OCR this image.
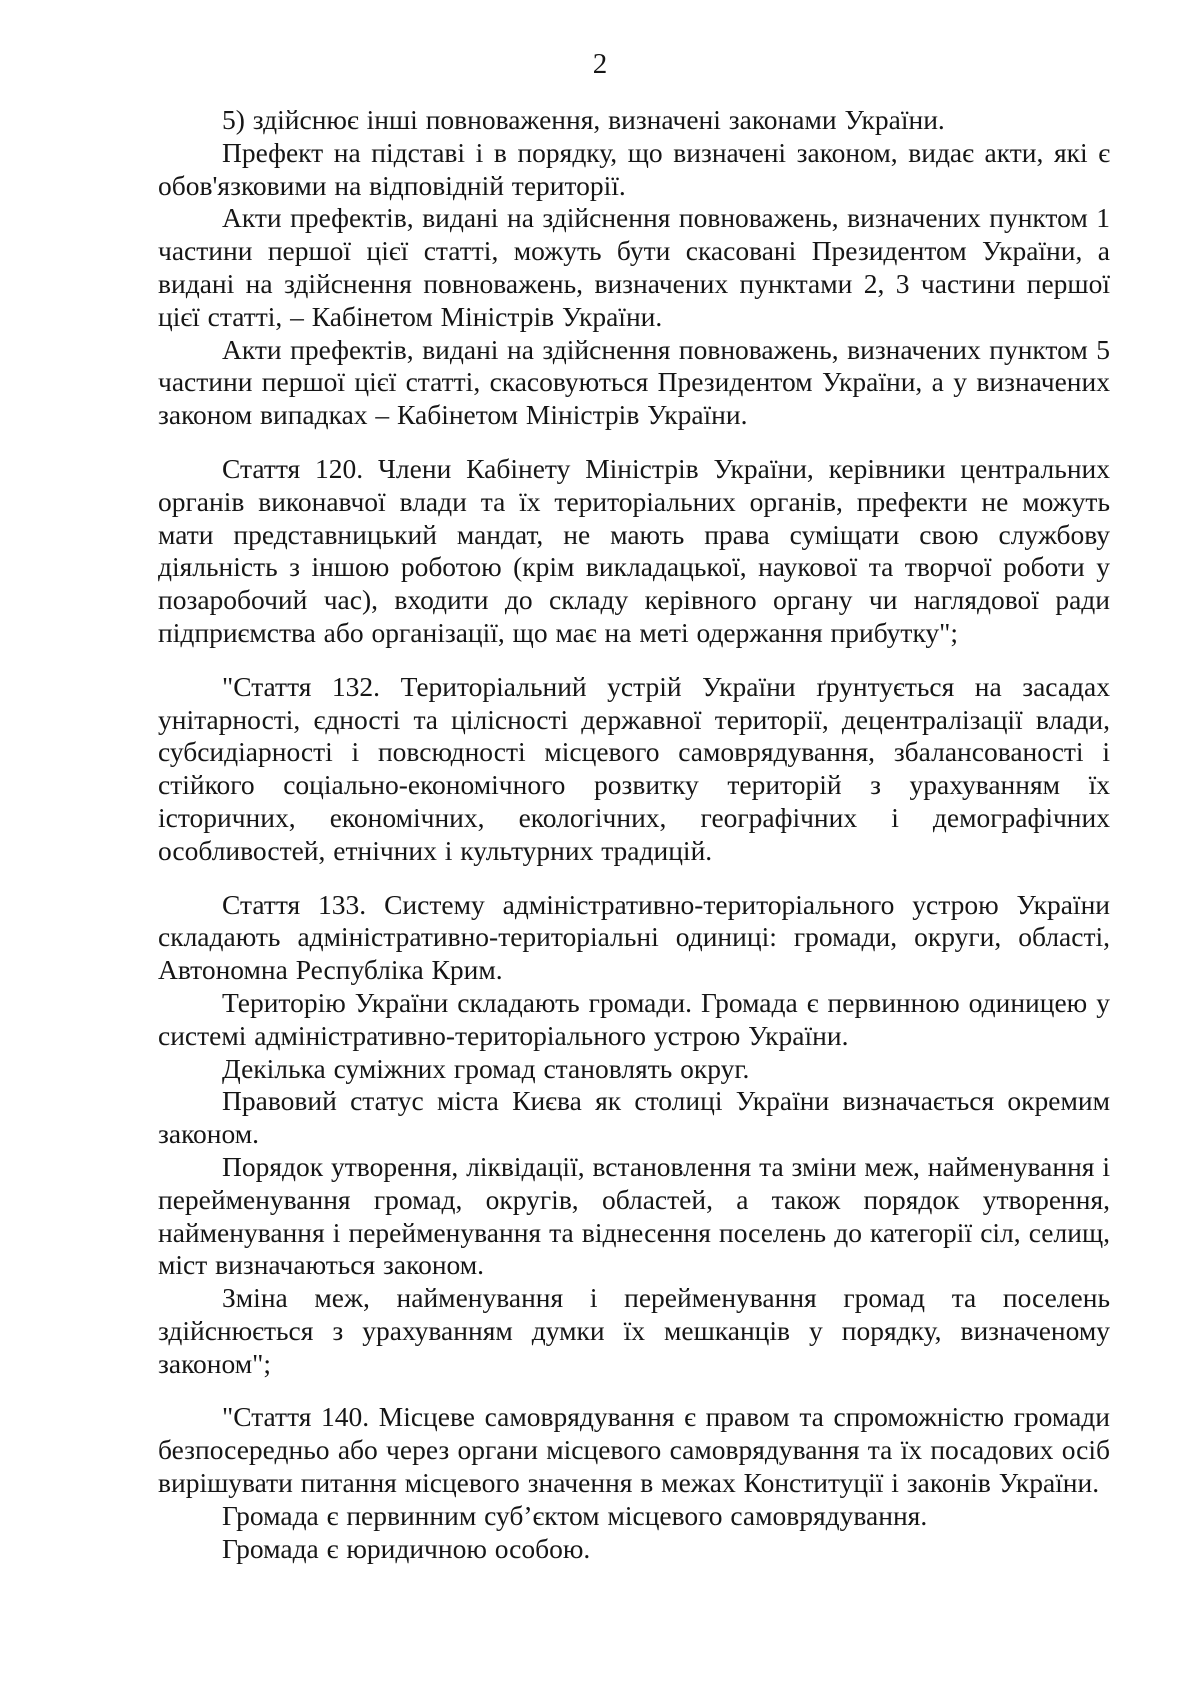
2

5) здійснює інші повноваження, визначені законами України.

Префект на підставі і в порядку, що визначені законом, видає акти, які є обов'язковими на відповідній території.

Акти префектів, видані на здійснення повноважень, визначених пунктом 1 частини першої цієї статті, можуть бути скасовані Президентом України, а видані на здійснення повноважень, визначених пунктами 2, 3 частини першої цієї статті, – Кабінетом Міністрів України.

Акти префектів, видані на здійснення повноважень, визначених пунктом 5 частини першої цієї статті, скасовуються Президентом України, а у визначених законом випадках – Кабінетом Міністрів України.

Стаття 120. Члени Кабінету Міністрів України, керівники центральних органів виконавчої влади та їх територіальних органів, префекти не можуть мати представницький мандат, не мають права суміщати свою службову діяльність з іншою роботою (крім викладацької, наукової та творчої роботи у позаробочий час), входити до складу керівного органу чи наглядової ради підприємства або організації, що має на меті одержання прибутку";

"Стаття 132. Територіальний устрій України ґрунтується на засадах унітарності, єдності та цілісності державної території, децентралізації влади, субсидіарності і повсюдності місцевого самоврядування, збалансованості і стійкого соціально-економічного розвитку територій з урахуванням їх історичних, економічних, екологічних, географічних і демографічних особливостей, етнічних і культурних традицій.

Стаття 133. Систему адміністративно-територіального устрою України складають адміністративно-територіальні одиниці: громади, округи, області, Автономна Республіка Крим.

Територію України складають громади. Громада є первинною одиницею у системі адміністративно-територіального устрою України.

Декілька суміжних громад становлять округ.

Правовий статус міста Києва як столиці України визначається окремим законом.

Порядок утворення, ліквідації, встановлення та зміни меж, найменування і перейменування громад, округів, областей, а також порядок утворення, найменування і перейменування та віднесення поселень до категорії сіл, селищ, міст визначаються законом.

Зміна меж, найменування і перейменування громад та поселень здійснюється з урахуванням думки їх мешканців у порядку, визначеному законом";

"Стаття 140. Місцеве самоврядування є правом та спроможністю громади безпосередньо або через органи місцевого самоврядування та їх посадових осіб вирішувати питання місцевого значення в межах Конституції і законів України.

Громада є первинним суб’єктом місцевого самоврядування.

Громада є юридичною особою.
